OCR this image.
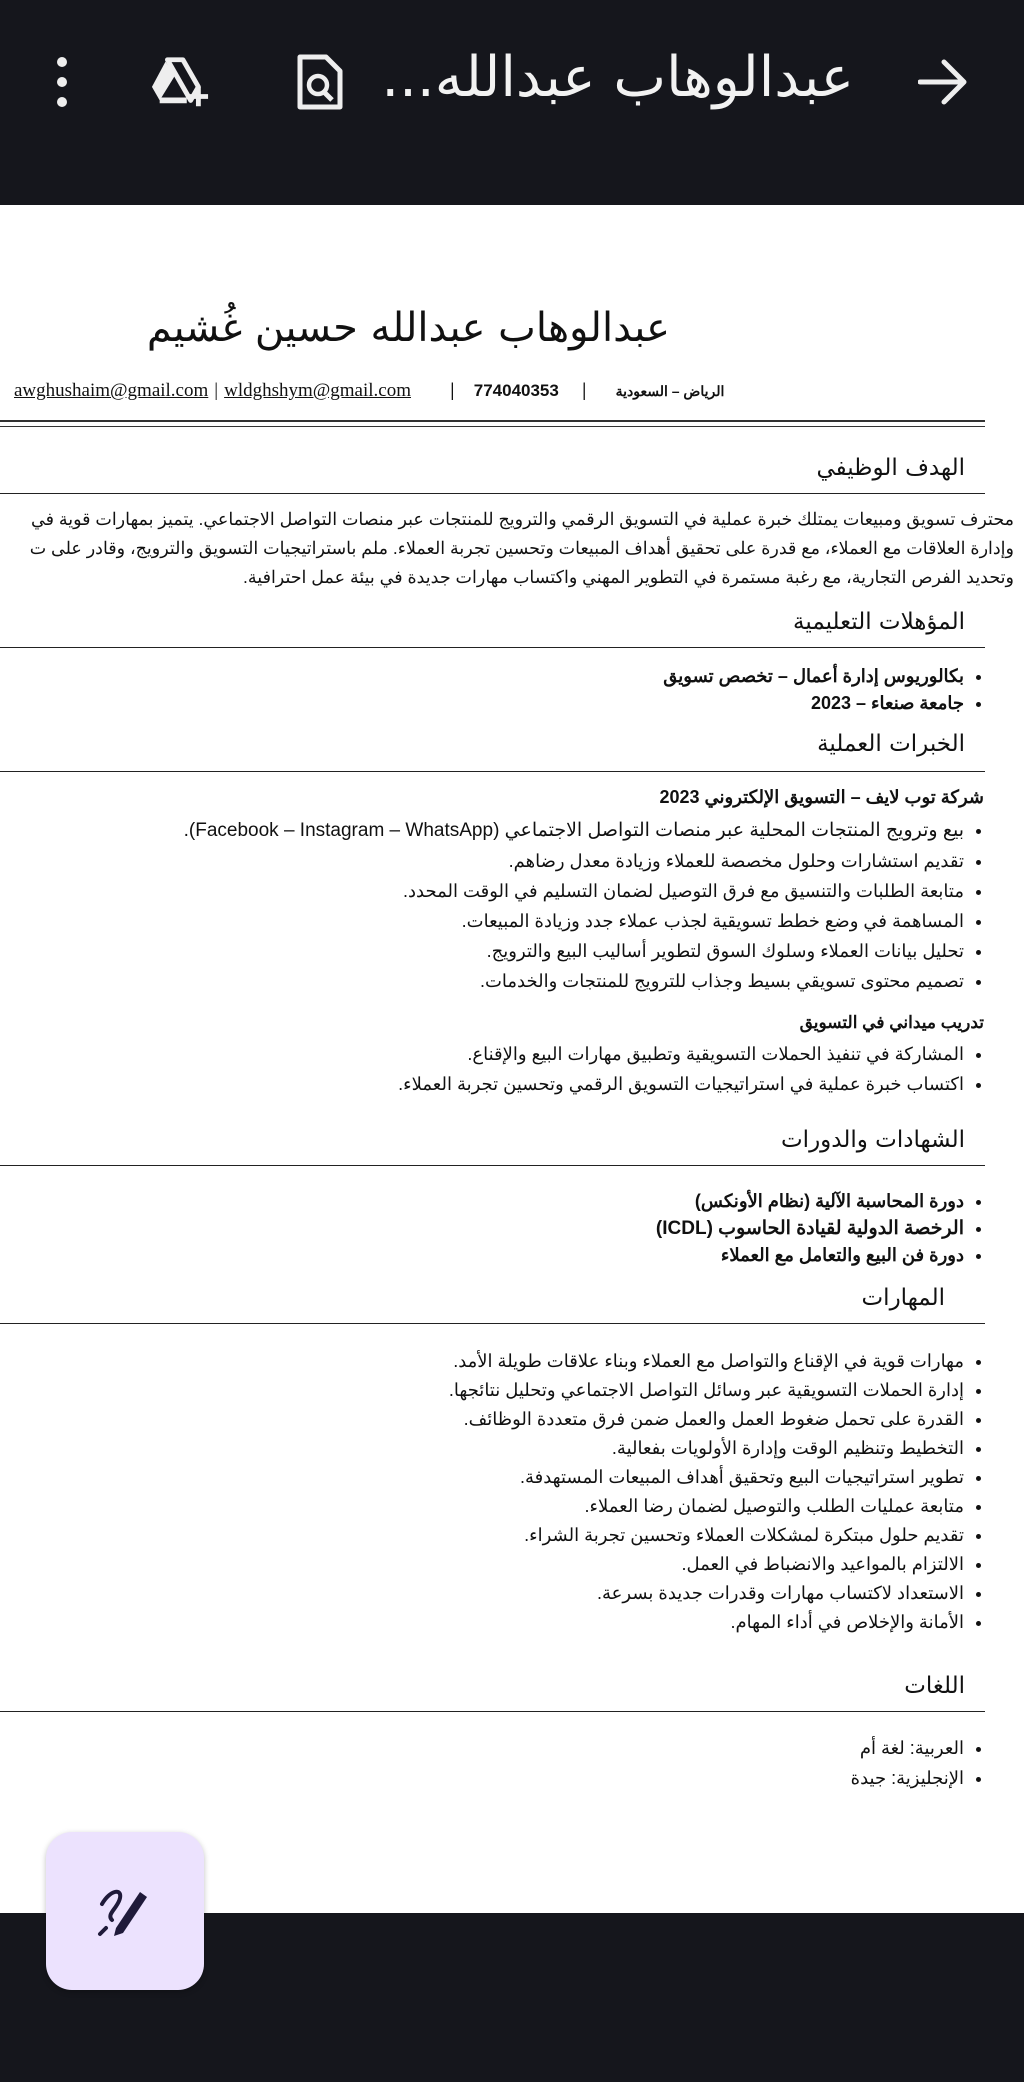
عبدالوهاب عبدالله...
عبدالوهاب عبدالله حسين غُشيم
awghushaim@gmail.com | wldghshym@gmail.com | 774040353 | الرياض – السعودية
الهدف الوظيفي
محترف تسويق ومبيعات يمتلك خبرة عملية في التسويق الرقمي والترويج للمنتجات عبر منصات التواصل الاجتماعي. يتميز بمهارات قوية في
وإدارة العلاقات مع العملاء، مع قدرة على تحقيق أهداف المبيعات وتحسين تجربة العملاء. ملم باستراتيجيات التسويق والترويج، وقادر على ت
وتحديد الفرص التجارية، مع رغبة مستمرة في التطوير المهني واكتساب مهارات جديدة في بيئة عمل احترافية.
المؤهلات التعليمية
• بكالوريوس إدارة أعمال – تخصص تسويق
• جامعة صنعاء – 2023
الخبرات العملية
شركة توب لايف – التسويق الإلكتروني 2023
• بيع وترويج المنتجات المحلية عبر منصات التواصل الاجتماعي (Facebook – Instagram – WhatsApp).
• تقديم استشارات وحلول مخصصة للعملاء وزيادة معدل رضاهم.
• متابعة الطلبات والتنسيق مع فرق التوصيل لضمان التسليم في الوقت المحدد.
• المساهمة في وضع خطط تسويقية لجذب عملاء جدد وزيادة المبيعات.
• تحليل بيانات العملاء وسلوك السوق لتطوير أساليب البيع والترويج.
• تصميم محتوى تسويقي بسيط وجذاب للترويج للمنتجات والخدمات.
تدريب ميداني في التسويق
• المشاركة في تنفيذ الحملات التسويقية وتطبيق مهارات البيع والإقناع.
• اكتساب خبرة عملية في استراتيجيات التسويق الرقمي وتحسين تجربة العملاء.
الشهادات والدورات
• دورة المحاسبة الآلية (نظام الأونكس)
• الرخصة الدولية لقيادة الحاسوب (ICDL)
• دورة فن البيع والتعامل مع العملاء
المهارات
• مهارات قوية في الإقناع والتواصل مع العملاء وبناء علاقات طويلة الأمد.
• إدارة الحملات التسويقية عبر وسائل التواصل الاجتماعي وتحليل نتائجها.
• القدرة على تحمل ضغوط العمل والعمل ضمن فرق متعددة الوظائف.
• التخطيط وتنظيم الوقت وإدارة الأولويات بفعالية.
• تطوير استراتيجيات البيع وتحقيق أهداف المبيعات المستهدفة.
• متابعة عمليات الطلب والتوصيل لضمان رضا العملاء.
• تقديم حلول مبتكرة لمشكلات العملاء وتحسين تجربة الشراء.
• الالتزام بالمواعيد والانضباط في العمل.
• الاستعداد لاكتساب مهارات وقدرات جديدة بسرعة.
• الأمانة والإخلاص في أداء المهام.
اللغات
• العربية: لغة أم
• الإنجليزية: جيدة
